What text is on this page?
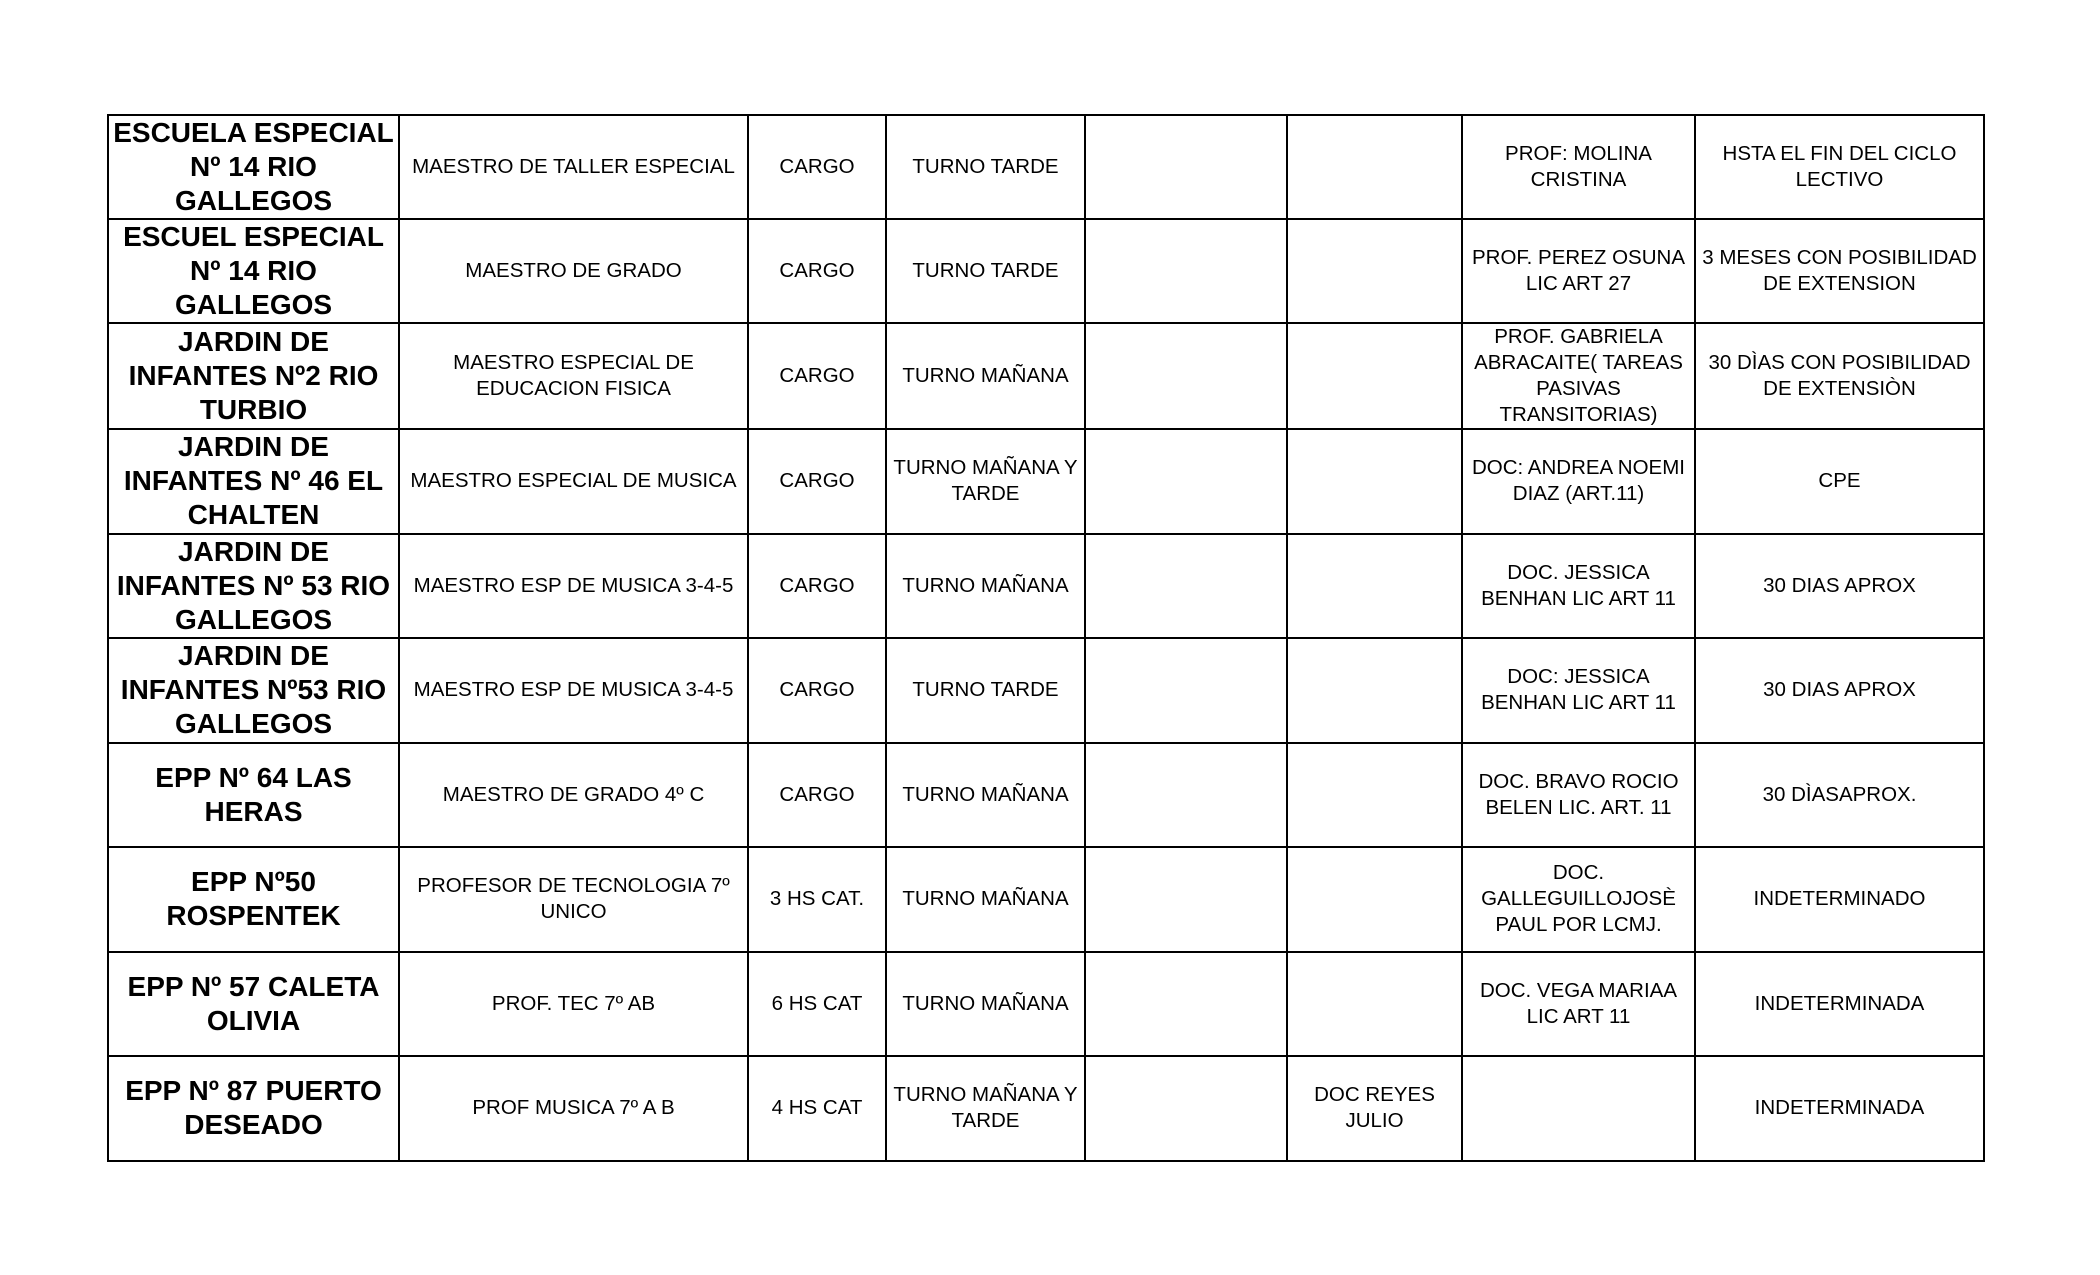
ESCUELA ESPECIAL Nº 14 RIO GALLEGOS	MAESTRO DE TALLER ESPECIAL	CARGO	TURNO TARDE			PROF: MOLINA CRISTINA	HSTA EL FIN DEL CICLO LECTIVO
ESCUEL ESPECIAL Nº 14 RIO GALLEGOS	MAESTRO DE GRADO	CARGO	TURNO TARDE			PROF. PEREZ OSUNA LIC ART 27	3 MESES CON POSIBILIDAD DE EXTENSION
JARDIN DE INFANTES Nº2 RIO TURBIO	MAESTRO ESPECIAL DE EDUCACION FISICA	CARGO	TURNO MAÑANA			PROF. GABRIELA ABRACAITE( TAREAS PASIVAS TRANSITORIAS)	30 DÌAS CON POSIBILIDAD DE EXTENSIÒN
JARDIN DE INFANTES Nº 46 EL CHALTEN	MAESTRO ESPECIAL DE MUSICA	CARGO	TURNO MAÑANA Y TARDE			DOC: ANDREA NOEMI DIAZ (ART.11)	CPE
JARDIN DE INFANTES Nº 53 RIO GALLEGOS	MAESTRO ESP DE MUSICA 3-4-5	CARGO	TURNO MAÑANA			DOC. JESSICA BENHAN LIC ART 11	30 DIAS APROX
JARDIN DE INFANTES Nº53 RIO GALLEGOS	MAESTRO ESP DE MUSICA 3-4-5	CARGO	TURNO TARDE			DOC: JESSICA BENHAN LIC ART 11	30 DIAS APROX
EPP Nº 64 LAS HERAS	MAESTRO DE GRADO 4º C	CARGO	TURNO MAÑANA			DOC. BRAVO ROCIO BELEN LIC. ART. 11	30 DÌASAPROX.
EPP Nº50 ROSPENTEK	PROFESOR DE TECNOLOGIA 7º UNICO	3 HS CAT.	TURNO MAÑANA			DOC. GALLEGUILLOJOSÈ PAUL POR LCMJ.	INDETERMINADO
EPP Nº 57 CALETA OLIVIA	PROF. TEC 7º AB	6 HS CAT	TURNO MAÑANA			DOC. VEGA MARIAA LIC ART 11	INDETERMINADA
EPP Nº 87 PUERTO DESEADO	PROF MUSICA 7º A B	4 HS CAT	TURNO MAÑANA Y TARDE		DOC REYES JULIO		INDETERMINADA
